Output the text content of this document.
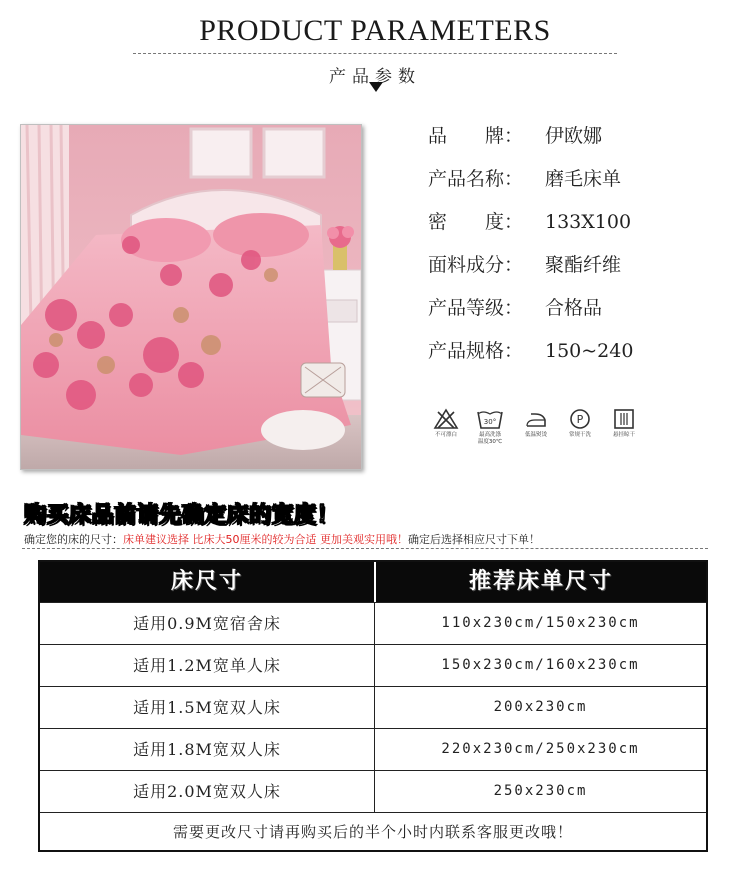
PRODUCT PARAMETERS
产品参数
品　　牌： 伊欧娜
产品名称： 磨毛床单
密　　度： 133X100
面料成分： 聚酯纤维
产品等级： 合格品
产品规格： 150~240
不可漂白
30°
最高洗涤
温度30℃
低温熨烫
P
常规干洗	悬挂晾干
购买床品前请先确定床的宽度！
确定您的床的尺寸：床单建议选择 比床大50厘米的较为合适 更加美观实用哦！确定后选择相应尺寸下单！
床尺寸	推荐床单尺寸
适用0.9M宽宿舍床	110x230cm/150x230cm
适用1.2M宽单人床	150x230cm/160x230cm
适用1.5M宽双人床	200x230cm
适用1.8M宽双人床	220x230cm/250x230cm
适用2.0M宽双人床	250x230cm
需要更改尺寸请再购买后的半个小时内联系客服更改哦！
